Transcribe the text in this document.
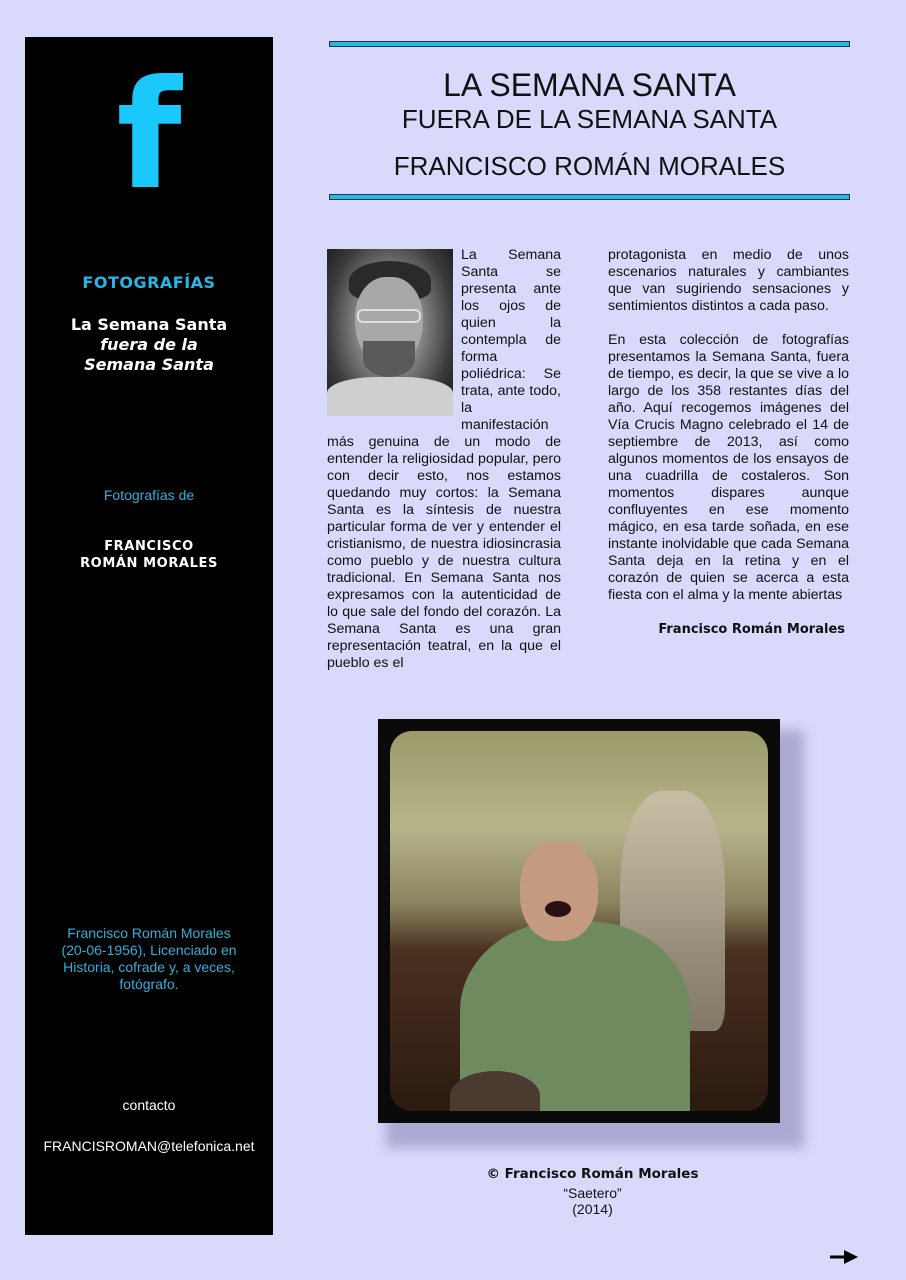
f
FOTOGRAFÍAS
La Semana Santa
fuera de la
Semana Santa
Fotografías de
FRANCISCO
ROMÁN MORALES
Francisco Román Morales (20-06-1956), Licenciado en Historia, cofrade y, a veces, fotógrafo.
contacto
FRANCISROMAN@telefonica.net
LA SEMANA SANTA
FUERA DE LA SEMANA SANTA
FRANCISCO ROMÁN MORALES
La Semana Santa se presenta ante los ojos de quien la contempla de forma poliédrica: Se trata, ante todo, la manifestación más genuina de un modo de entender la religiosidad popular, pero con decir esto, nos estamos quedando muy cortos: la Semana Santa es la síntesis de nuestra particular forma de ver y entender el cristianismo, de nuestra idiosincrasia como pueblo y de nuestra cultura tradicional. En Semana Santa nos expresamos con la autenticidad de lo que sale del fondo del corazón. La Semana Santa es una gran representación teatral, en la que el pueblo es el

protagonista en medio de unos escenarios naturales y cambiantes que van sugiriendo sensaciones y sentimientos distintos a cada paso.

En esta colección de fotografías presentamos la Semana Santa, fuera de tiempo, es decir, la que se vive a lo largo de los 358 restantes días del año. Aquí recogemos imágenes del Vía Crucis Magno celebrado el 14 de septiembre de 2013, así como algunos momentos de los ensayos de una cuadrilla de costaleros. Son momentos dispares aunque confluyentes en ese momento mágico, en esa tarde soñada, en ese instante inolvidable que cada Semana Santa deja en la retina y en el corazón de quien se acerca a esta fiesta con el alma y la mente abiertas

Francisco Román Morales
© Francisco Román Morales
“Saetero”
(2014)
